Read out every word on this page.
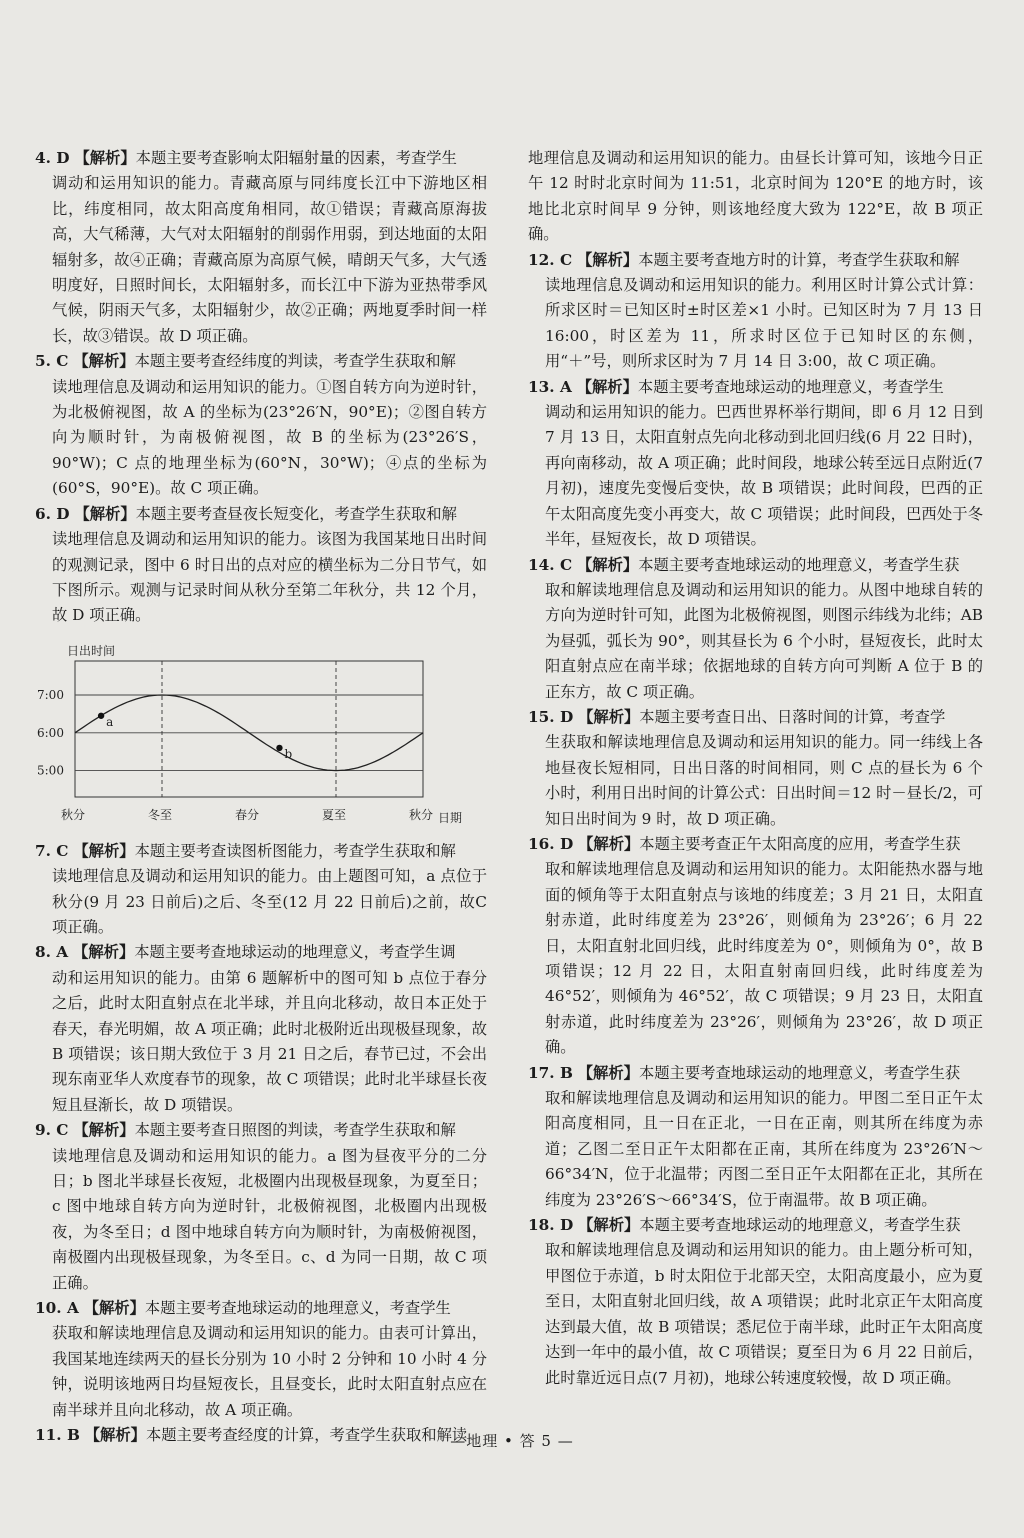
4. D 【解析】本题主要考查影响太阳辐射量的因素，考查学生
调动和运用知识的能力。青藏高原与同纬度长江中下游地区相比，纬度相同，故太阳高度角相同，故①错误；青藏高原海拔高，大气稀薄，大气对太阳辐射的削弱作用弱，到达地面的太阳辐射多，故④正确；青藏高原为高原气候，晴朗天气多，大气透明度好，日照时间长，太阳辐射多，而长江中下游为亚热带季风气候，阴雨天气多，太阳辐射少，故②正确；两地夏季时间一样长，故③错误。故 D 项正确。
5. C 【解析】本题主要考查经纬度的判读，考查学生获取和解
读地理信息及调动和运用知识的能力。①图自转方向为逆时针，为北极俯视图，故 A 的坐标为(23°26′N，90°E)；②图自转方向为顺时针，为南极俯视图，故 B 的坐标为(23°26′S，90°W)；C 点的地理坐标为(60°N，30°W)；④点的坐标为(60°S，90°E)。故 C 项正确。
6. D 【解析】本题主要考查昼夜长短变化，考查学生获取和解
读地理信息及调动和运用知识的能力。该图为我国某地日出时间的观测记录，图中 6 时日出的点对应的横坐标为二分日节气，如下图所示。观测与记录时间从秋分至第二年秋分，共 12 个月，故 D 项正确。
日出时间
7:00
6:00
5:00
秋分	冬至	春分	夏至	秋分
a
b
日期
7. C 【解析】本题主要考查读图析图能力，考查学生获取和解
读地理信息及调动和运用知识的能力。由上题图可知，a 点位于秋分(9 月 23 日前后)之后、冬至(12 月 22 日前后)之前，故C 项正确。
8. A 【解析】本题主要考查地球运动的地理意义，考查学生调
动和运用知识的能力。由第 6 题解析中的图可知 b 点位于春分之后，此时太阳直射点在北半球，并且向北移动，故日本正处于春天，春光明媚，故 A 项正确；此时北极附近出现极昼现象，故 B 项错误；该日期大致位于 3 月 21 日之后，春节已过，不会出现东南亚华人欢度春节的现象，故 C 项错误；此时北半球昼长夜短且昼渐长，故 D 项错误。
9. C 【解析】本题主要考查日照图的判读，考查学生获取和解
读地理信息及调动和运用知识的能力。a 图为昼夜平分的二分日；b 图北半球昼长夜短，北极圈内出现极昼现象，为夏至日；c 图中地球自转方向为逆时针，北极俯视图，北极圈内出现极夜，为冬至日；d 图中地球自转方向为顺时针，为南极俯视图，南极圈内出现极昼现象，为冬至日。c、d 为同一日期，故 C 项正确。
10. A 【解析】本题主要考查地球运动的地理意义，考查学生
获取和解读地理信息及调动和运用知识的能力。由表可计算出，我国某地连续两天的昼长分别为 10 小时 2 分钟和 10 小时 4 分钟，说明该地两日均昼短夜长，且昼变长，此时太阳直射点应在南半球并且向北移动，故 A 项正确。
11. B 【解析】本题主要考查经度的计算，考查学生获取和解读
地理信息及调动和运用知识的能力。由昼长计算可知，该地今日正午 12 时时北京时间为 11:51，北京时间为 120°E 的地方时，该地比北京时间早 9 分钟，则该地经度大致为 122°E，故 B 项正确。
12. C 【解析】本题主要考查地方时的计算，考查学生获取和解
读地理信息及调动和运用知识的能力。利用区时计算公式计算：所求区时＝已知区时±时区差×1 小时。已知区时为 7 月 13 日 16:00，时区差为 11，所求时区位于已知时区的东侧，用“＋”号，则所求区时为 7 月 14 日 3:00，故 C 项正确。
13. A 【解析】本题主要考查地球运动的地理意义，考查学生
调动和运用知识的能力。巴西世界杯举行期间，即 6 月 12 日到 7 月 13 日，太阳直射点先向北移动到北回归线(6 月 22 日时)，再向南移动，故 A 项正确；此时间段，地球公转至远日点附近(7 月初)，速度先变慢后变快，故 B 项错误；此时间段，巴西的正午太阳高度先变小再变大，故 C 项错误；此时间段，巴西处于冬半年，昼短夜长，故 D 项错误。
14. C 【解析】本题主要考查地球运动的地理意义，考查学生获
取和解读地理信息及调动和运用知识的能力。从图中地球自转的方向为逆时针可知，此图为北极俯视图，则图示纬线为北纬；AB 为昼弧，弧长为 90°，则其昼长为 6 个小时，昼短夜长，此时太阳直射点应在南半球；依据地球的自转方向可判断 A 位于 B 的正东方，故 C 项正确。
15. D 【解析】本题主要考查日出、日落时间的计算，考查学
生获取和解读地理信息及调动和运用知识的能力。同一纬线上各地昼夜长短相同，日出日落的时间相同，则 C 点的昼长为 6 个小时，利用日出时间的计算公式：日出时间＝12 时－昼长/2，可知日出时间为 9 时，故 D 项正确。
16. D 【解析】本题主要考查正午太阳高度的应用，考查学生获
取和解读地理信息及调动和运用知识的能力。太阳能热水器与地面的倾角等于太阳直射点与该地的纬度差；3 月 21 日，太阳直射赤道，此时纬度差为 23°26′，则倾角为 23°26′；6 月 22 日，太阳直射北回归线，此时纬度差为 0°，则倾角为 0°，故 B 项错误；12 月 22 日，太阳直射南回归线，此时纬度差为 46°52′，则倾角为 46°52′，故 C 项错误；9 月 23 日，太阳直射赤道，此时纬度差为 23°26′，则倾角为 23°26′，故 D 项正确。
17. B 【解析】本题主要考查地球运动的地理意义，考查学生获
取和解读地理信息及调动和运用知识的能力。甲图二至日正午太阳高度相同，且一日在正北，一日在正南，则其所在纬度为赤道；乙图二至日正午太阳都在正南，其所在纬度为 23°26′N～66°34′N，位于北温带；丙图二至日正午太阳都在正北，其所在纬度为 23°26′S～66°34′S，位于南温带。故 B 项正确。
18. D 【解析】本题主要考查地球运动的地理意义，考查学生获
取和解读地理信息及调动和运用知识的能力。由上题分析可知，甲图位于赤道，b 时太阳位于北部天空，太阳高度最小，应为夏至日，太阳直射北回归线，故 A 项错误；此时北京正午太阳高度达到最大值，故 B 项错误；悉尼位于南半球，此时正午太阳高度达到一年中的最小值，故 C 项错误；夏至日为 6 月 22 日前后，此时靠近远日点(7 月初)，地球公转速度较慢，故 D 项正确。
—地理 • 答 5 —
